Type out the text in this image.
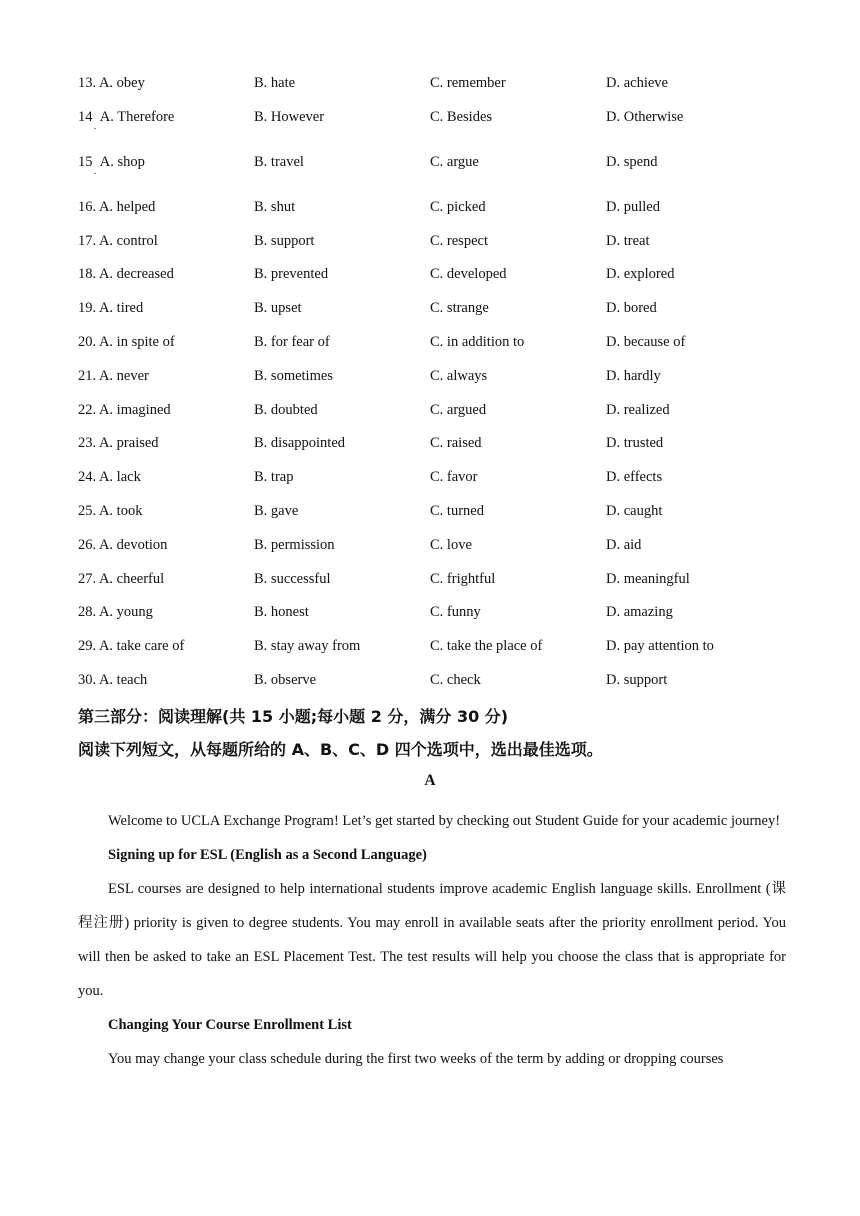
13. A. obey	B. hate	C. remember	D. achieve
14
.
A. Therefore	B. However	C. Besides	D. Otherwise
15
.
A. shop	B. travel	C. argue	D. spend
16. A. helped	B. shut	C. picked	D. pulled
17. A. control	B. support	C. respect	D. treat
18. A. decreased	B. prevented	C. developed	D. explored
19. A. tired	B. upset	C. strange	D. bored
20. A. in spite of	B. for fear of	C. in addition to	D. because of
21. A. never	B. sometimes	C. always	D. hardly
22. A. imagined	B. doubted	C. argued	D. realized
23. A. praised	B. disappointed	C. raised	D. trusted
24. A. lack	B. trap	C. favor	D. effects
25. A. took	B. gave	C. turned	D. caught
26. A. devotion	B. permission	C. love	D. aid
27. A. cheerful	B. successful	C. frightful	D. meaningful
28. A. young	B. honest	C. funny	D. amazing
29. A. take care of	B. stay away from	C. take the place of	D. pay attention to
30. A. teach	B. observe	C. check	D. support
第三部分：阅读理解(共 15 小题;每小题 2 分，满分 30 分)
阅读下列短文，从每题所给的 A、B、C、D 四个选项中，选出最佳选项。
A

Welcome to UCLA Exchange Program! Let’s get started by checking out Student Guide for your academic journey!

Signing up for ESL (English as a Second Language)

ESL courses are designed to help international students improve academic English language skills. Enrollment (课程注册) priority is given to degree students. You may enroll in available seats after the priority enrollment period. You will then be asked to take an ESL Placement Test. The test results will help you choose the class that is appropriate for you.

Changing Your Course Enrollment List

You may change your class schedule during the first two weeks of the term by adding or dropping courses
